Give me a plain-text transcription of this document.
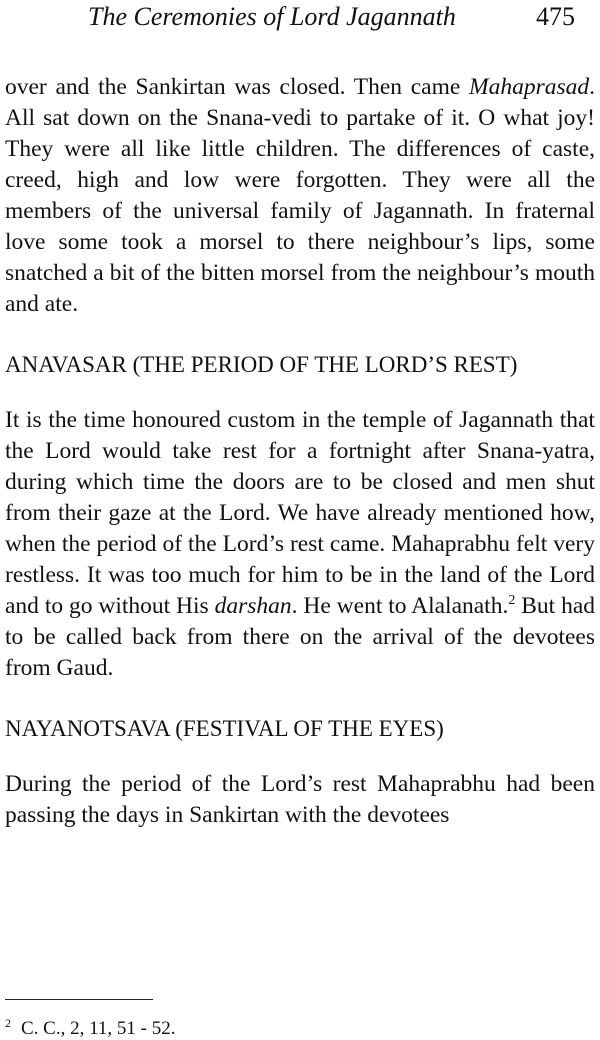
The Ceremonies of Lord Jagannath	475

over and the Sankirtan was closed. Then came Mahaprasad. All sat down on the Snana-vedi to partake of it. O what joy! They were all like little children. The differences of caste, creed, high and low were forgotten. They were all the members of the universal family of Jagannath. In fraternal love some took a morsel to there neighbour’s lips, some snatched a bit of the bitten morsel from the neighbour’s mouth and ate.

ANAVASAR (THE PERIOD OF THE LORD’S REST)

It is the time honoured custom in the temple of Jagannath that the Lord would take rest for a fortnight after Snana-yatra, during which time the doors are to be closed and men shut from their gaze at the Lord. We have already mentioned how, when the period of the Lord’s rest came. Mahaprabhu felt very restless. It was too much for him to be in the land of the Lord and to go without His darshan. He went to Alalanath.$^2$ But had to be called back from there on the arrival of the devotees from Gaud.

NAYANOTSAVA (FESTIVAL OF THE EYES)

During the period of the Lord’s rest Mahaprabhu had been passing the days in Sankirtan with the devotees

$^2$ C. C., 2, 11, 51 - 52.
